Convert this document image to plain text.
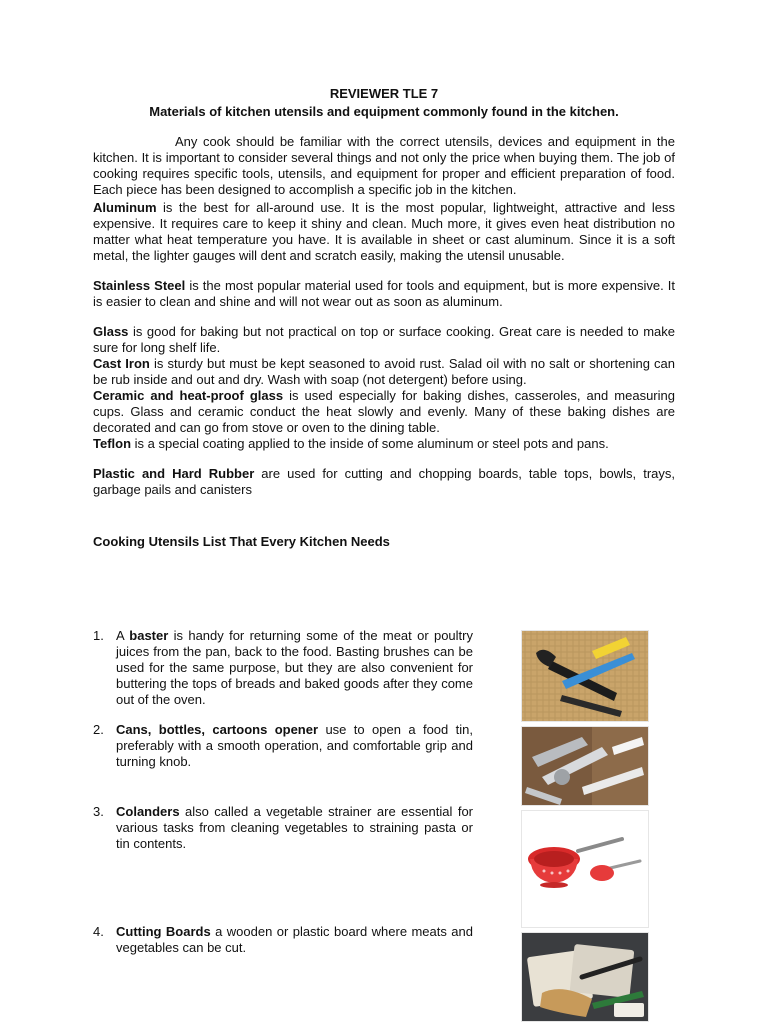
REVIEWER TLE 7

Materials of kitchen utensils and equipment commonly found in the kitchen.

Any cook should be familiar with the correct utensils, devices and equipment in the kitchen. It is important to consider several things and not only the price when buying them. The job of cooking requires specific tools, utensils, and equipment for proper and efficient preparation of food. Each piece has been designed to accomplish a specific job in the kitchen.

Aluminum is the best for all-around use. It is the most popular, lightweight, attractive and less expensive. It requires care to keep it shiny and clean. Much more, it gives even heat distribution no matter what heat temperature you have. It is available in sheet or cast aluminum. Since it is a soft metal, the lighter gauges will dent and scratch easily, making the utensil unusable.

Stainless Steel is the most popular material used for tools and equipment, but is more expensive. It is easier to clean and shine and will not wear out as soon as aluminum.

Glass is good for baking but not practical on top or surface cooking. Great care is needed to make sure for long shelf life.

Cast Iron is sturdy but must be kept seasoned to avoid rust. Salad oil with no salt or shortening can be rub inside and out and dry. Wash with soap (not detergent) before using.

Ceramic and heat-proof glass is used especially for baking dishes, casseroles, and measuring cups. Glass and ceramic conduct the heat slowly and evenly. Many of these baking dishes are decorated and can go from stove or oven to the dining table.

Teflon is a special coating applied to the inside of some aluminum or steel pots and pans.

Plastic and Hard Rubber are used for cutting and chopping boards, table tops, bowls, trays, garbage pails and canisters

Cooking Utensils List That Every Kitchen Needs

1. A baster is handy for returning some of the meat or poultry juices from the pan, back to the food. Basting brushes can be used for the same purpose, but they are also convenient for buttering the tops of breads and baked goods after they come out of the oven.
2. Cans, bottles, cartoons opener use to open a food tin, preferably with a smooth operation, and comfortable grip and turning knob.
3. Colanders also called a vegetable strainer are essential for various tasks from cleaning vegetables to straining pasta or tin contents.
4. Cutting Boards a wooden or plastic board where meats and vegetables can be cut.
